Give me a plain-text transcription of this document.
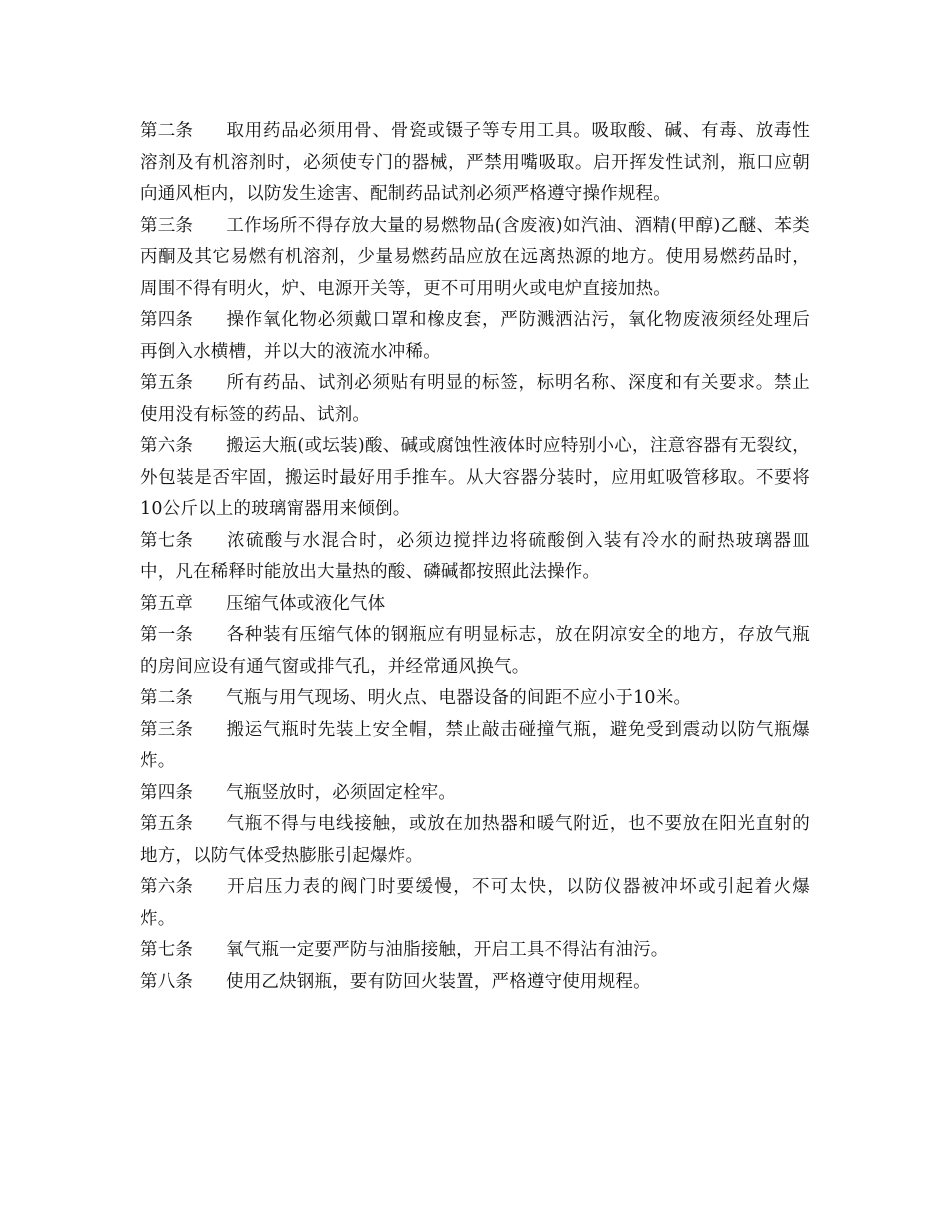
第二条 取用药品必须用骨、骨瓷或镊子等专用工具。吸取酸、碱、有毒、放毒性溶剂及有机溶剂时，必须使专门的器械，严禁用嘴吸取。启开挥发性试剂，瓶口应朝向通风柜内，以防发生途害、配制药品试剂必须严格遵守操作规程。

第三条 工作场所不得存放大量的易燃物品(含废液)如汽油、酒精(甲醇)乙醚、苯类丙酮及其它易燃有机溶剂，少量易燃药品应放在远离热源的地方。使用易燃药品时，周围不得有明火，炉、电源开关等，更不可用明火或电炉直接加热。

第四条 操作氧化物必须戴口罩和橡皮套，严防溅洒沾污，氧化物废液须经处理后再倒入水横槽，并以大的液流水冲稀。

第五条 所有药品、试剂必须贴有明显的标签，标明名称、深度和有关要求。禁止使用没有标签的药品、试剂。

第六条 搬运大瓶(或坛装)酸、碱或腐蚀性液体时应特别小心，注意容器有无裂纹，外包装是否牢固，搬运时最好用手推车。从大容器分装时，应用虹吸管移取。不要将10公斤以上的玻璃甯器用来倾倒。

第七条 浓硫酸与水混合时，必须边搅拌边将硫酸倒入装有冷水的耐热玻璃器皿中，凡在稀释时能放出大量热的酸、磷碱都按照此法操作。

第五章 压缩气体或液化气体

第一条 各种装有压缩气体的钢瓶应有明显标志，放在阴凉安全的地方，存放气瓶的房间应设有通气窗或排气孔，并经常通风换气。

第二条 气瓶与用气现场、明火点、电器设备的间距不应小于10米。

第三条 搬运气瓶时先装上安全帽，禁止敲击碰撞气瓶，避免受到震动以防气瓶爆炸。

第四条 气瓶竖放时，必须固定栓牢。

第五条 气瓶不得与电线接触，或放在加热器和暖气附近，也不要放在阳光直射的地方，以防气体受热膨胀引起爆炸。

第六条 开启压力表的阀门时要缓慢，不可太快，以防仪器被冲坏或引起着火爆炸。

第七条 氧气瓶一定要严防与油脂接触，开启工具不得沾有油污。

第八条 使用乙炔钢瓶，要有防回火装置，严格遵守使用规程。
